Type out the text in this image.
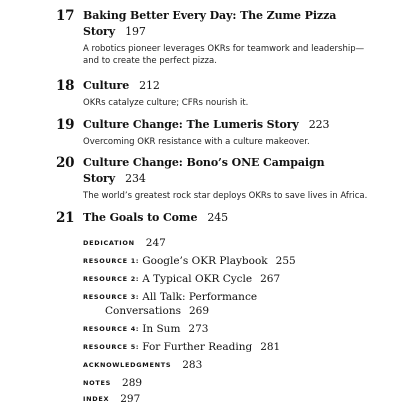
17 Baking Better Every Day: The Zume Pizza
Story 197
A robotics pioneer leverages OKRs for teamwork and leadership—
and to create the perfect pizza.
18 Culture 212
OKRs catalyze culture; CFRs nourish it.
19 Culture Change: The Lumeris Story 223
Overcoming OKR resistance with a culture makeover.
20 Culture Change: Bono’s ONE Campaign
Story 234
The world’s greatest rock star deploys OKRs to save lives in Africa.
21 The Goals to Come 245
DEDICATION 247
RESOURCE 1: Google’s OKR Playbook 255
RESOURCE 2: A Typical OKR Cycle 267
RESOURCE 3: All Talk: Performance
Conversations 269
RESOURCE 4: In Sum 273
RESOURCE 5: For Further Reading 281
ACKNOWLEDGMENTS 283
NOTES 289
INDEX 297
